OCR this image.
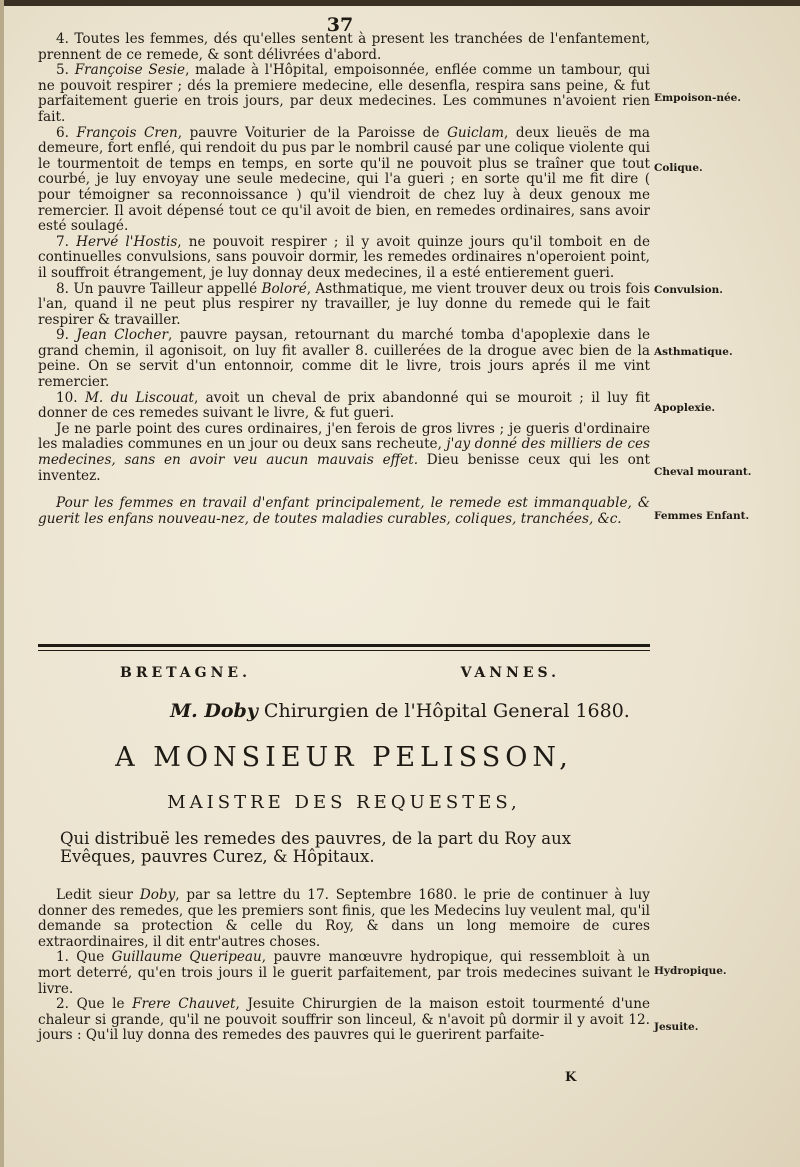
37

4. Toutes les femmes, dés qu'elles sentent à present les tranchées de l'enfantement, prennent de ce remede, & sont délivrées d'abord.

5. Françoise Sesie, malade à l'Hôpital, empoisonnée, enflée comme un tambour, qui ne pouvoit respirer ; dés la premiere medecine, elle desenfla, respira sans peine, & fut parfaitement guerie en trois jours, par deux medecines. Les communes n'avoient rien fait.

6. François Cren, pauvre Voiturier de la Paroisse de Guiclam, deux lieuës de ma demeure, fort enflé, qui rendoit du pus par le nombril causé par une colique violente qui le tourmentoit de temps en temps, en sorte qu'il ne pouvoit plus se traîner que tout courbé, je luy envoyay une seule medecine, qui l'a gueri ; en sorte qu'il me fit dire ( pour témoigner sa reconnoissance ) qu'il viendroit de chez luy à deux genoux me remercier. Il avoit dépensé tout ce qu'il avoit de bien, en remedes ordinaires, sans avoir esté soulagé.

7. Hervé l'Hostis, ne pouvoit respirer ; il y avoit quinze jours qu'il tomboit en de continuelles convulsions, sans pouvoir dormir, les remedes ordinaires n'operoient point, il souffroit étrangement, je luy donnay deux medecines, il a esté entierement gueri.

8. Un pauvre Tailleur appellé Boloré, Asthmatique, me vient trouver deux ou trois fois l'an, quand il ne peut plus respirer ny travailler, je luy donne du remede qui le fait respirer & travailler.

9. Jean Clocher, pauvre paysan, retournant du marché tomba d'apoplexie dans le grand chemin, il agonisoit, on luy fit avaller 8. cuillerées de la drogue avec bien de la peine. On se servit d'un entonnoir, comme dit le livre, trois jours aprés il me vint remercier.

10. M. du Liscouat, avoit un cheval de prix abandonné qui se mouroit ; il luy fit donner de ces remedes suivant le livre, & fut gueri.

Je ne parle point des cures ordinaires, j'en ferois de gros livres ; je gueris d'ordinaire les maladies communes en un jour ou deux sans recheute, j'ay donné des milliers de ces medecines, sans en avoir veu aucun mauvais effet. Dieu benisse ceux qui les ont inventez.

Pour les femmes en travail d'enfant principalement, le remede est immanquable, & guerit les enfans nouveau-nez, de toutes maladies curables, coliques, tranchées, &c.

Empoison-née.
Colique.
Convulsion.
Asthmatique.
Apoplexie.
Cheval mourant.
Femmes Enfant.
BRETAGNE.	VANNES.
M. Doby Chirurgien de l'Hôpital General 1680.
A MONSIEUR PELISSON,
MAISTRE DES REQUESTES,
Qui distribuë les remedes des pauvres, de la part du Roy aux Evêques, pauvres Curez, & Hôpitaux.

Ledit sieur Doby, par sa lettre du 17. Septembre 1680. le prie de continuer à luy donner des remedes, que les premiers sont finis, que les Medecins luy veulent mal, qu'il demande sa protection & celle du Roy, & dans un long memoire de cures extraordinaires, il dit entr'autres choses.

1. Que Guillaume Queripeau, pauvre manœuvre hydropique, qui ressembloit à un mort deterré, qu'en trois jours il le guerit parfaitement, par trois medecines suivant le livre.

2. Que le Frere Chauvet, Jesuite Chirurgien de la maison estoit tourmenté d'une chaleur si grande, qu'il ne pouvoit souffrir son linceul, & n'avoit pû dormir il y avoit 12. jours : Qu'il luy donna des remedes des pauvres qui le guerirent parfaite-

Hydropique.
Jesuite.
K
